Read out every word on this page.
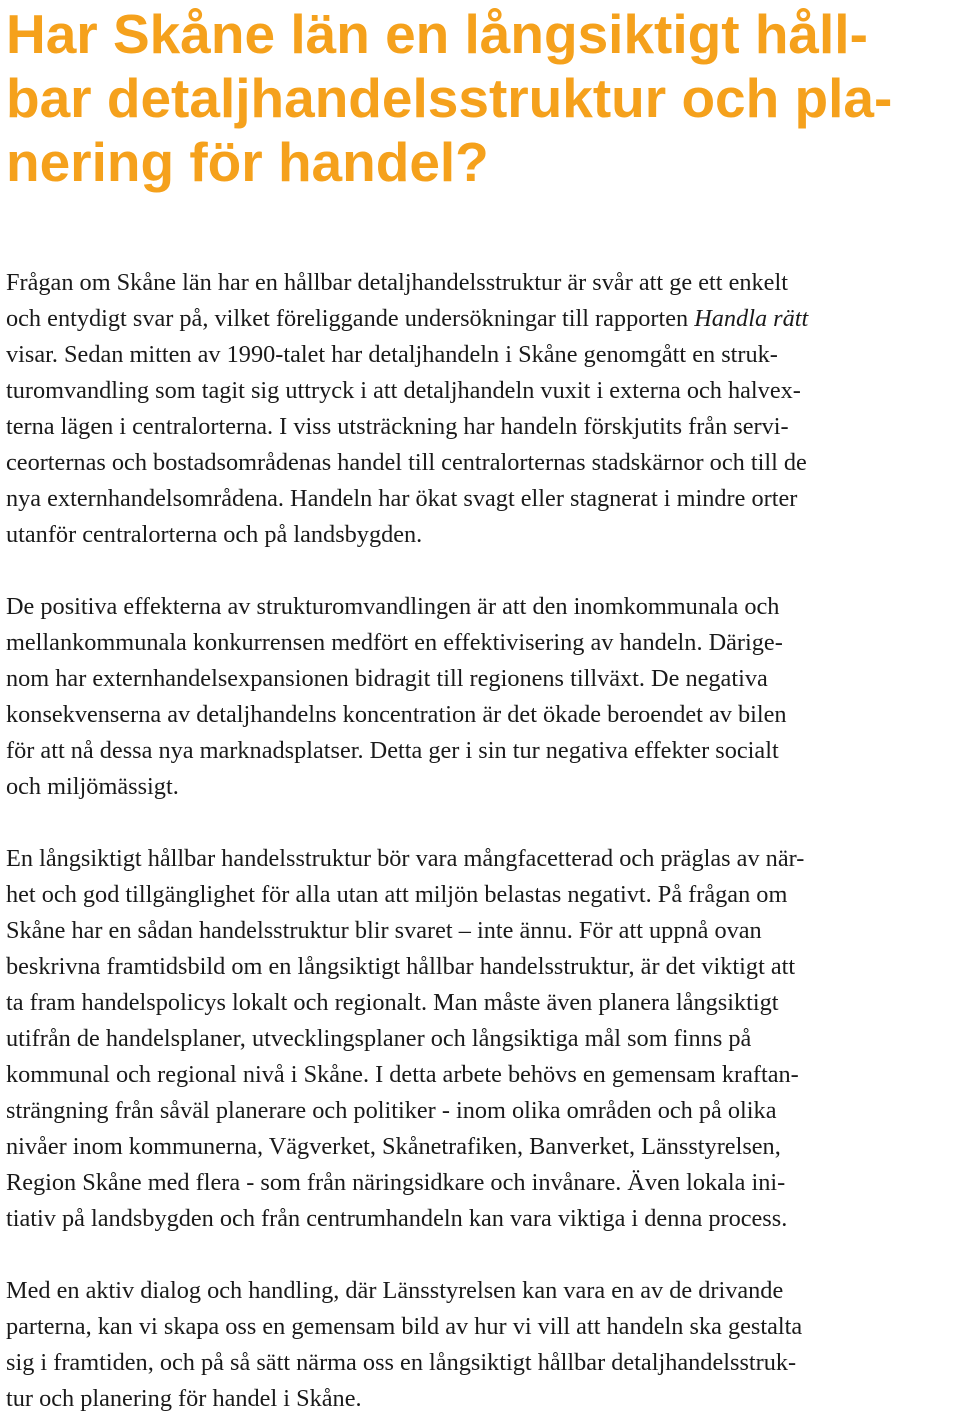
Har Skåne län en långsiktigt håll-
bar detaljhandelsstruktur och pla-
nering för handel?

Frågan om Skåne län har en hållbar detaljhandelsstruktur är svår att ge ett enkelt
och entydigt svar på, vilket föreliggande undersökningar till rapporten Handla rätt
visar. Sedan mitten av 1990-talet har detaljhandeln i Skåne genomgått en struk-
turomvandling som tagit sig uttryck i att detaljhandeln vuxit i externa och halvex-
terna lägen i centralorterna. I viss utsträckning har handeln förskjutits från servi-
ceorternas och bostadsområdenas handel till centralorternas stadskärnor och till de
nya externhandelsområdena. Handeln har ökat svagt eller stagnerat i mindre orter
utanför centralorterna och på landsbygden.

De positiva effekterna av strukturomvandlingen är att den inomkommunala och
mellankommunala konkurrensen medfört en effektivisering av handeln. Därige-
nom har externhandelsexpansionen bidragit till regionens tillväxt. De negativa
konsekvenserna av detaljhandelns koncentration är det ökade beroendet av bilen
för att nå dessa nya marknadsplatser. Detta ger i sin tur negativa effekter socialt
och miljömässigt.

En långsiktigt hållbar handelsstruktur bör vara mångfacetterad och präglas av när-
het och god tillgänglighet för alla utan att miljön belastas negativt. På frågan om
Skåne har en sådan handelsstruktur blir svaret – inte ännu. För att uppnå ovan
beskrivna framtidsbild om en långsiktigt hållbar handelsstruktur, är det viktigt att
ta fram handelspolicys lokalt och regionalt. Man måste även planera långsiktigt
utifrån de handelsplaner, utvecklingsplaner och långsiktiga mål som finns på
kommunal och regional nivå i Skåne. I detta arbete behövs en gemensam kraftan-
strängning från såväl planerare och politiker - inom olika områden och på olika
nivåer inom kommunerna, Vägverket, Skånetrafiken, Banverket, Länsstyrelsen,
Region Skåne med flera - som från näringsidkare och invånare. Även lokala ini-
tiativ på landsbygden och från centrumhandeln kan vara viktiga i denna process.

Med en aktiv dialog och handling, där Länsstyrelsen kan vara en av de drivande
parterna, kan vi skapa oss en gemensam bild av hur vi vill att handeln ska gestalta
sig i framtiden, och på så sätt närma oss en långsiktigt hållbar detaljhandelsstruk-
tur och planering för handel i Skåne.
